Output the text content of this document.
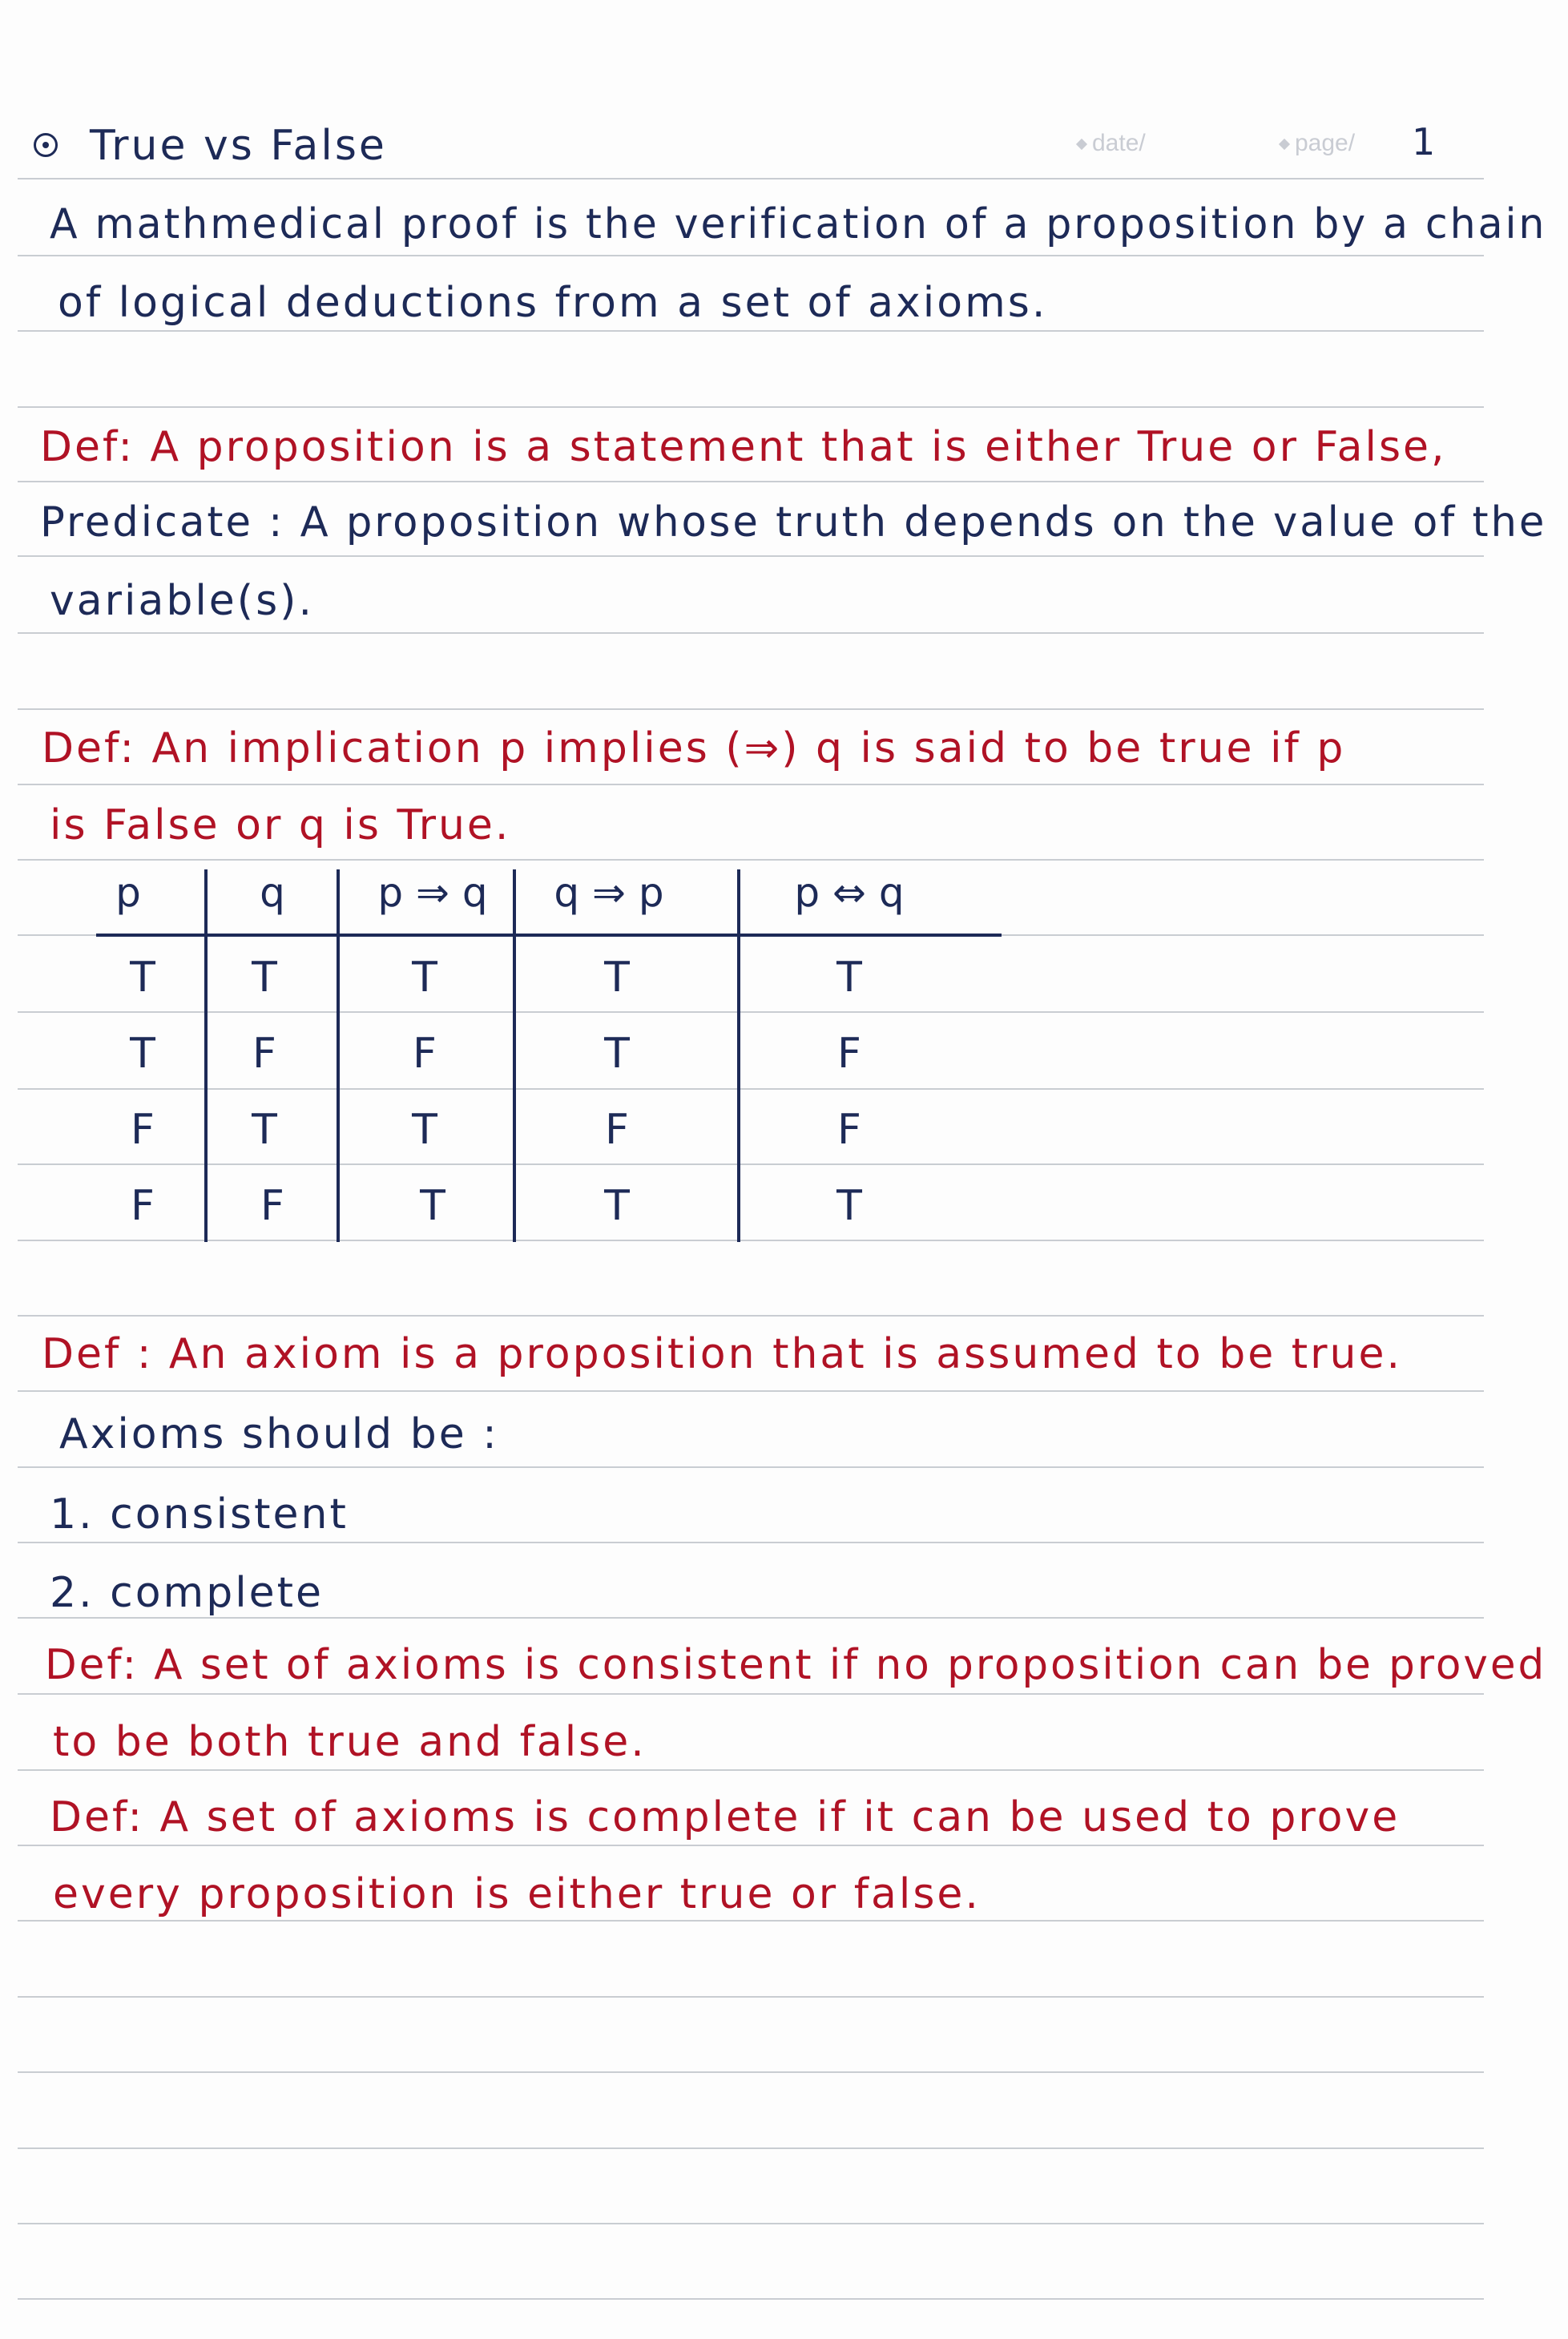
True vs False	date/	page/ 1
A mathmedical proof is the verification of a proposition by a chain
of logical deductions from a set of axioms.
Def: A proposition is a statement that is either True or False,
Predicate : A proposition whose truth depends on the value of the
variable(s).
Def: An implication p implies (⇒) q is said to be true if p
is False or q is True.
p	q	p ⇒ q	q ⇒ p	p ⇔ q
T	T	T	T	T
T	F	F	T	F
F	T	T	F	F
F	F	T	T	T
Def : An axiom is a proposition that is assumed to be true.
Axioms should be :
1. consistent
2. complete
Def: A set of axioms is consistent if no proposition can be proved
to be both true and false.
Def: A set of axioms is complete if it can be used to prove
every proposition is either true or false.
